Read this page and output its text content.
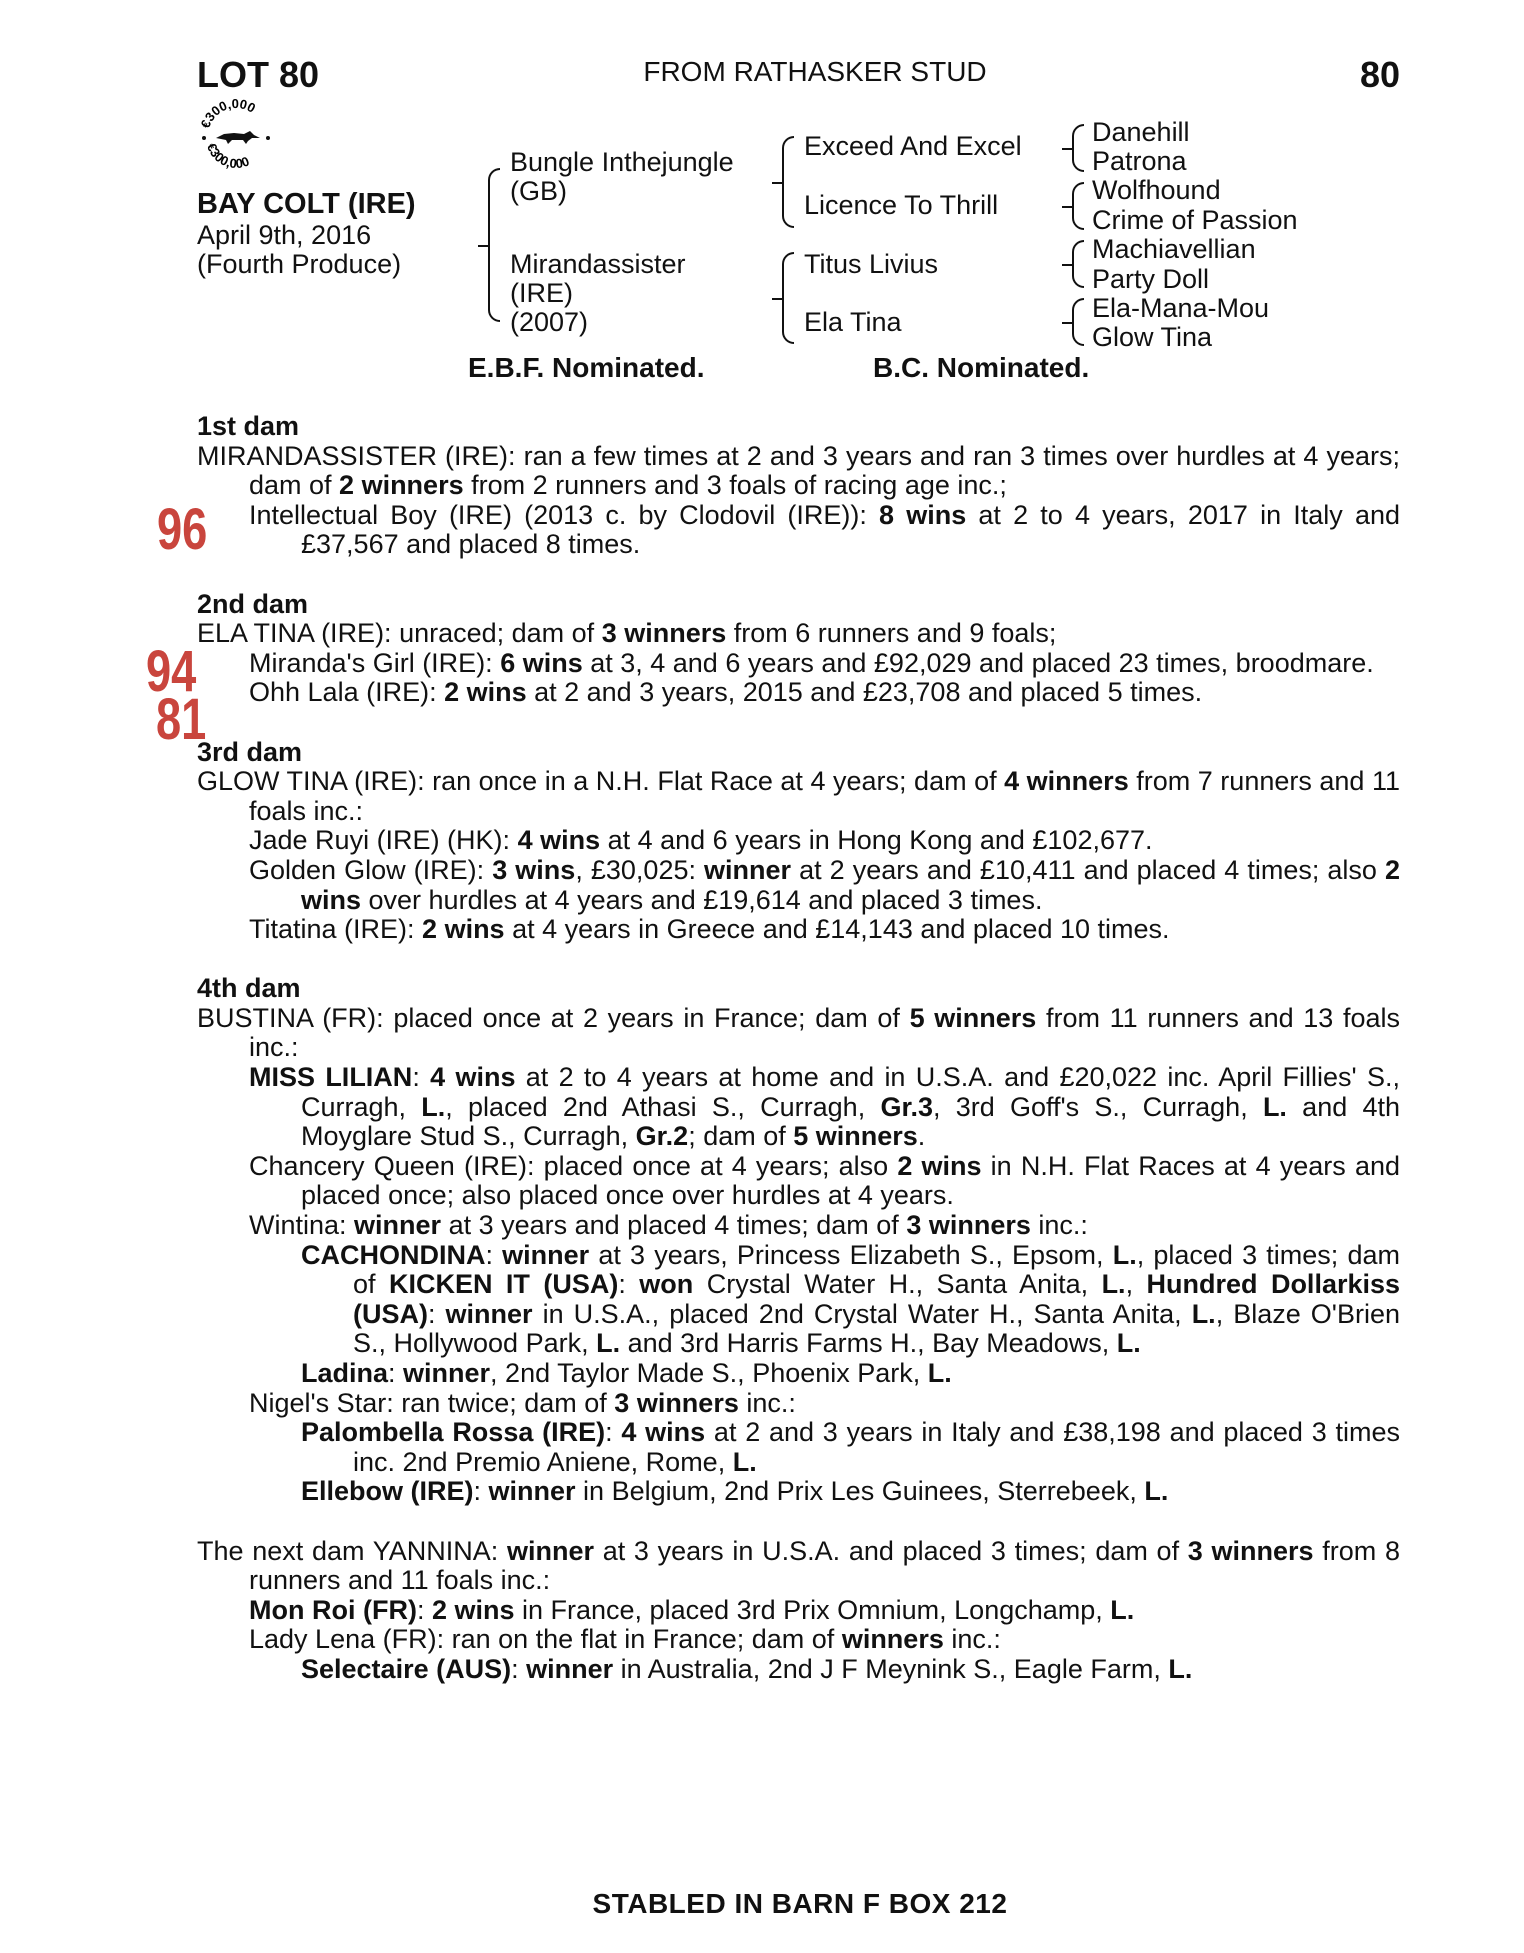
LOT 80	FROM RATHASKER STUD	80
€300,000
€300,000
BAY COLT (IRE)
April 9th, 2016
(Fourth Produce)
Bungle Inthejungle
(GB)
Mirandassister
(IRE)
(2007)
Exceed And Excel
Licence To Thrill
Titus Livius
Ela Tina
Danehill
Patrona
Wolfhound
Crime of Passion
Machiavellian
Party Doll
Ela-Mana-Mou
Glow Tina
E.B.F. Nominated.	B.C. Nominated.
96
94
81
1st dam
MIRANDASSISTER (IRE): ran a few times at 2 and 3 years and ran 3 times over hurdles at 4 years; dam of 2 winners from 2 runners and 3 foals of racing age inc.;
Intellectual Boy (IRE) (2013 c. by Clodovil (IRE)): 8 wins at 2 to 4 years, 2017 in Italy and £37,567 and placed 8 times.
2nd dam
ELA TINA (IRE): unraced; dam of 3 winners from 6 runners and 9 foals;
Miranda's Girl (IRE): 6 wins at 3, 4 and 6 years and £92,029 and placed 23 times, broodmare.
Ohh Lala (IRE): 2 wins at 2 and 3 years, 2015 and £23,708 and placed 5 times.
3rd dam
GLOW TINA (IRE): ran once in a N.H. Flat Race at 4 years; dam of 4 winners from 7 runners and 11 foals inc.:
Jade Ruyi (IRE) (HK): 4 wins at 4 and 6 years in Hong Kong and £102,677.
Golden Glow (IRE): 3 wins, £30,025: winner at 2 years and £10,411 and placed 4 times; also 2 wins over hurdles at 4 years and £19,614 and placed 3 times.
Titatina (IRE): 2 wins at 4 years in Greece and £14,143 and placed 10 times.
4th dam
BUSTINA (FR): placed once at 2 years in France; dam of 5 winners from 11 runners and 13 foals inc.:
MISS LILIAN: 4 wins at 2 to 4 years at home and in U.S.A. and £20,022 inc. April Fillies' S., Curragh, L., placed 2nd Athasi S., Curragh, Gr.3, 3rd Goff's S., Curragh, L. and 4th Moyglare Stud S., Curragh, Gr.2; dam of 5 winners.
Chancery Queen (IRE): placed once at 4 years; also 2 wins in N.H. Flat Races at 4 years and placed once; also placed once over hurdles at 4 years.
Wintina: winner at 3 years and placed 4 times; dam of 3 winners inc.:
CACHONDINA: winner at 3 years, Princess Elizabeth S., Epsom, L., placed 3 times; dam of KICKEN IT (USA): won Crystal Water H., Santa Anita, L., Hundred Dollarkiss (USA): winner in U.S.A., placed 2nd Crystal Water H., Santa Anita, L., Blaze O'Brien S., Hollywood Park, L. and 3rd Harris Farms H., Bay Meadows, L.
Ladina: winner, 2nd Taylor Made S., Phoenix Park, L.
Nigel's Star: ran twice; dam of 3 winners inc.:
Palombella Rossa (IRE): 4 wins at 2 and 3 years in Italy and £38,198 and placed 3 times inc. 2nd Premio Aniene, Rome, L.
Ellebow (IRE): winner in Belgium, 2nd Prix Les Guinees, Sterrebeek, L.
The next dam YANNINA: winner at 3 years in U.S.A. and placed 3 times; dam of 3 winners from 8 runners and 11 foals inc.:
Mon Roi (FR): 2 wins in France, placed 3rd Prix Omnium, Longchamp, L.
Lady Lena (FR): ran on the flat in France; dam of winners inc.:
Selectaire (AUS): winner in Australia, 2nd J F Meynink S., Eagle Farm, L.
STABLED IN BARN F BOX 212
